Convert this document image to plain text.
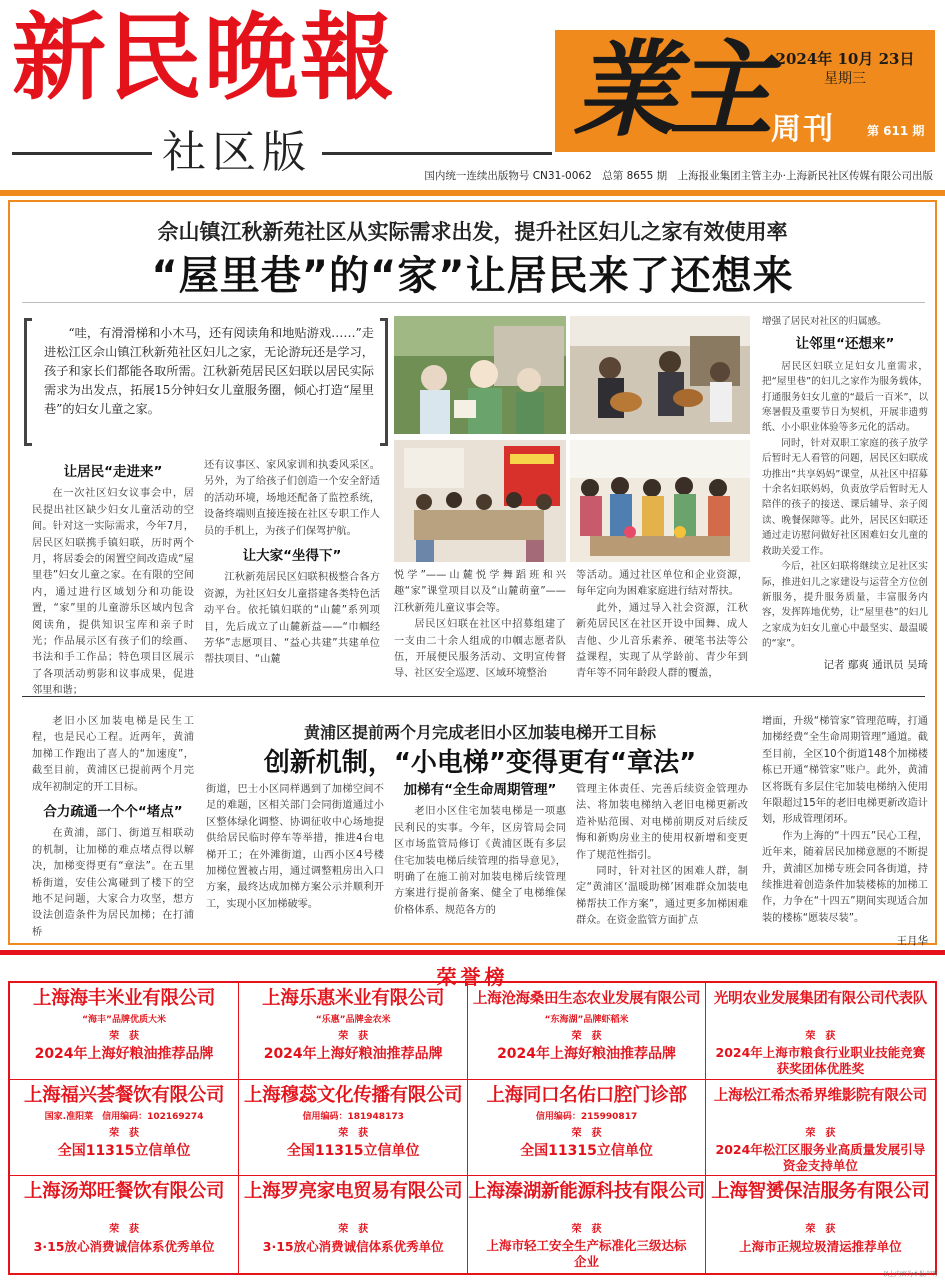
新民晚報
社区版
業主 2024年 10月 23日
星期三
周刊	第 611 期
国内统一连续出版物号 CN31-0062　总第 8655 期　上海报业集团主管主办·上海新民社区传媒有限公司出版
佘山镇江秋新苑社区从实际需求出发，提升社区妇儿之家有效使用率
“屋里巷”的“家”让居民来了还想来
“哇，有滑滑梯和小木马，还有阅读角和地贴游戏……”走进松江区佘山镇江秋新苑社区妇儿之家，无论游玩还是学习，孩子和家长们都能各取所需。江秋新苑居民区妇联以居民实际需求为出发点，拓展15分钟妇女儿童服务圈，倾心打造“屋里巷”的妇女儿童之家。
让居民“走进来”

在一次社区妇女议事会中，居民提出社区缺少妇女儿童活动的空间。针对这一实际需求，今年7月，居民区妇联携手镇妇联，历时两个月，将居委会的闲置空间改造成“屋里巷”妇女儿童之家。在有限的空间内，通过进行区域划分和功能设置，“家”里的儿童游乐区域内包含阅读角，提供知识宝库和亲子时光；作品展示区有孩子们的绘画、书法和手工作品；特色项目区展示了各项活动剪影和议事成果，促进邻里和谐；

还有议事区、家风家训和执委风采区。另外，为了给孩子们创造一个安全舒适的活动环境，场地还配备了监控系统，设备终端则直接连接在社区专职工作人员的手机上，为孩子们保驾护航。

让大家“坐得下”

江秋新苑居民区妇联积极整合各方资源，为社区妇女儿童搭建各类特色活动平台。依托镇妇联的“山麓”系列项目，先后成立了山麓新益——“巾帼经芳华”志愿项目、“益心共建”共建单位帮扶项目、“山麓

悦学”——山麓悦学舞蹈班和兴趣“家”课堂项目以及“山麓萌童”——江秋新苑儿童议事会等。

居民区妇联在社区中招募组建了一支由二十余人组成的巾帼志愿者队伍，开展便民服务活动、文明宣传督导、社区安全巡逻、区域环境整治

等活动。通过社区单位和企业资源，每年定向为困难家庭进行结对帮扶。

此外，通过导入社会资源，江秋新苑居民区在社区开设中国舞、成人吉他、少儿音乐素养、硬笔书法等公益课程，实现了从学龄前、青少年到青年等不同年龄段人群的覆盖，

增强了居民对社区的归属感。

让邻里“还想来”

居民区妇联立足妇女儿童需求，把“屋里巷”的妇儿之家作为服务载体，打通服务妇女儿童的“最后一百米”，以寒暑假及重要节日为契机，开展非遗剪纸、小小职业体验等多元化的活动。

同时，针对双职工家庭的孩子放学后暂时无人看管的问题，居民区妇联成功推出“共享妈妈”课堂，从社区中招募十余名妇联妈妈，负责放学后暂时无人陪伴的孩子的接送、课后辅导、亲子阅读、晚餐保障等。此外，居民区妇联还通过走访慰问做好社区困难妇女儿童的救助关爱工作。

今后，社区妇联将继续立足社区实际，推进妇儿之家建设与运营全方位创新服务，提升服务质量，丰富服务内容，发挥阵地优势，让“屋里巷”的妇儿之家成为妇女儿童心中最坚实、最温暖的“家”。

记者 鄢爽 通讯员 吴琦
黄浦区提前两个月完成老旧小区加装电梯开工目标
创新机制，“小电梯”变得更有“章法”

老旧小区加装电梯是民生工程，也是民心工程。近两年，黄浦加梯工作跑出了喜人的“加速度”，截至目前，黄浦区已提前两个月完成年初制定的开工目标。

合力疏通一个个“堵点”

在黄浦，部门、街道互相联动的机制，让加梯的难点堵点得以解决，加梯变得更有“章法”。在五里桥街道，安佳公寓碰到了楼下的空地不足问题，大家合力攻坚，想方设法创造条件为居民加梯；在打浦桥

街道，巴士小区同样遇到了加梯空间不足的难题，区相关部门会同街道通过小区整体绿化调整、协调征收中心场地提供给居民临时停车等举措，推进4台电梯开工；在外滩街道，山西小区4号楼加梯位置被占用，通过调整粗房出入口方案，最终达成加梯方案公示并顺利开工，实现小区加梯破零。

加梯有“全生命周期管理”

老旧小区住宅加装电梯是一项惠民利民的实事。今年，区房管局会同区市场监管局修订《黄浦区既有多层住宅加装电梯后续管理的指导意见》，明确了在施工前对加装电梯后续管理方案进行提前备案、健全了电梯维保价格体系、规范各方的

管理主体责任、完善后续资金管理办法、将加装电梯纳入老旧电梯更新改造补贴范围、对电梯前期反对后续反悔和新购房业主的使用权新增和变更作了规范性指引。

同时，针对社区的困难人群，制定“黄浦区‘温暖助梯’困难群众加装电梯帮扶工作方案”，通过更多加梯困难群众。在资金监管方面扩点

增面，升级“梯管家”管理范畴，打通加梯经费“全生命周期管理”通道。截至目前，全区10个街道148个加梯楼栋已开通“梯管家”账户。此外，黄浦区将既有多层住宅加装电梯纳入使用年限超过15年的老旧电梯更新改造计划，形成管理闭环。

作为上海的“十四五”民心工程，近年来，随着居民加梯意愿的不断提升，黄浦区加梯专班会同各街道，持续推进着创造条件加装楼栋的加梯工作，力争在“十四五”期间实现适合加装的楼栋“愿装尽装”。

王月华
荣誉榜
上海海丰米业有限公司
“海丰”品牌优质大米
荣　获
2024年上海好粮油推荐品牌
上海乐惠米业有限公司
“乐惠”品牌金农米
荣　获
2024年上海好粮油推荐品牌
上海沧海桑田生态农业发展有限公司
“东海湖”品牌虾稻米
荣　获
2024年上海好粮油推荐品牌
光明农业发展集团有限公司代表队
荣　获
2024年上海市粮食行业职业技能竞赛获奖团体优胜奖
上海福兴荟餐饮有限公司
国家.准阳菜　信用编码：102169274
荣　获
全国11315立信单位
上海穆蕊文化传播有限公司
信用编码：181948173
荣　获
全国11315立信单位
上海同口名佑口腔门诊部
信用编码：215990817
荣　获
全国11315立信单位
上海松江希杰希界维影院有限公司
荣　获
2024年松江区服务业高质量发展引导资金支持单位
上海汤郑旺餐饮有限公司
荣　获
3·15放心消费诚信体系优秀单位
上海罗亮家电贸易有限公司
荣　获
3·15放心消费诚信体系优秀单位
上海溱湖新能源科技有限公司
荣　获
上海市轻工安全生产标准化三级达标企业
上海智赟保洁服务有限公司
荣　获
上海市正规垃圾清运推荐单位
以上内容为本报声明
